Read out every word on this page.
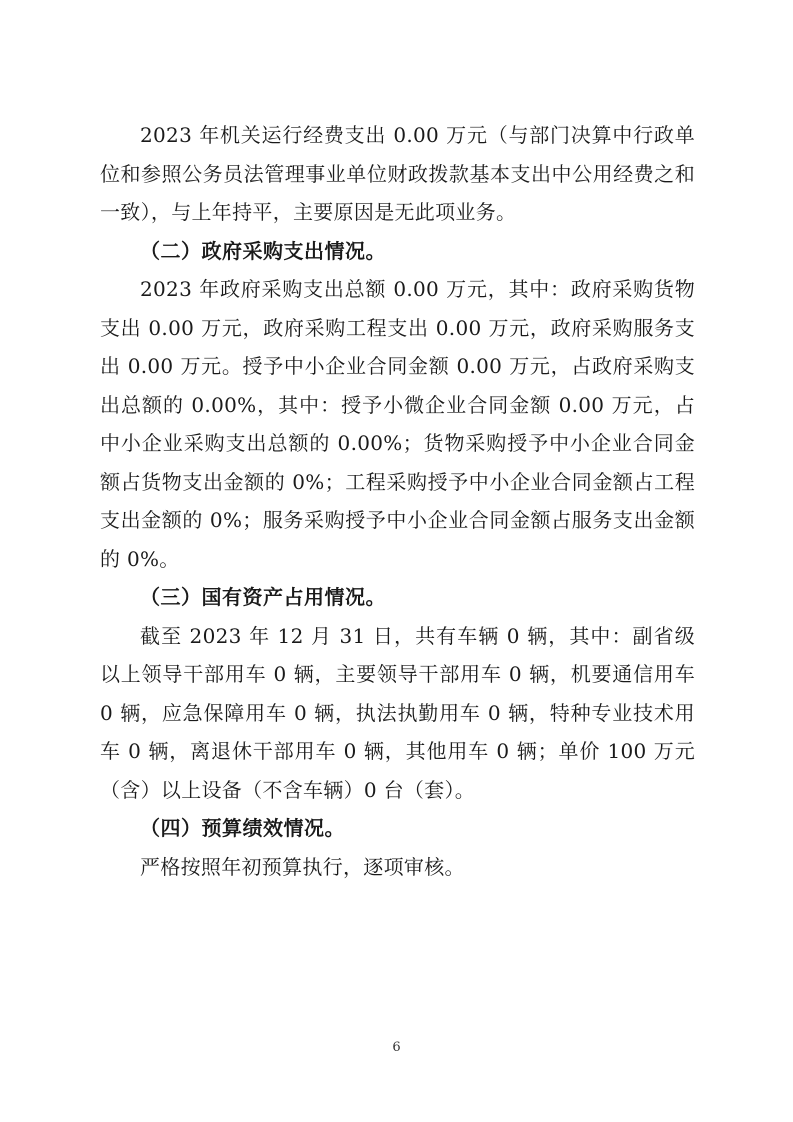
2023 年机关运行经费支出 0.00 万元（与部门决算中行政单位和参照公务员法管理事业单位财政拨款基本支出中公用经费之和一致），与上年持平，主要原因是无此项业务。

（二）政府采购支出情况。

2023 年政府采购支出总额 0.00 万元，其中：政府采购货物支出 0.00 万元，政府采购工程支出 0.00 万元，政府采购服务支出 0.00 万元。授予中小企业合同金额 0.00 万元，占政府采购支出总额的 0.00%，其中：授予小微企业合同金额 0.00 万元，占中小企业采购支出总额的 0.00%；货物采购授予中小企业合同金额占货物支出金额的 0%；工程采购授予中小企业合同金额占工程支出金额的 0%；服务采购授予中小企业合同金额占服务支出金额的 0%。

（三）国有资产占用情况。

截至 2023 年 12 月 31 日，共有车辆 0 辆，其中：副省级以上领导干部用车 0 辆，主要领导干部用车 0 辆，机要通信用车 0 辆，应急保障用车 0 辆，执法执勤用车 0 辆，特种专业技术用车 0 辆，离退休干部用车 0 辆，其他用车 0 辆；单价 100 万元（含）以上设备（不含车辆）0 台（套）。

（四）预算绩效情况。

严格按照年初预算执行，逐项审核。

6
